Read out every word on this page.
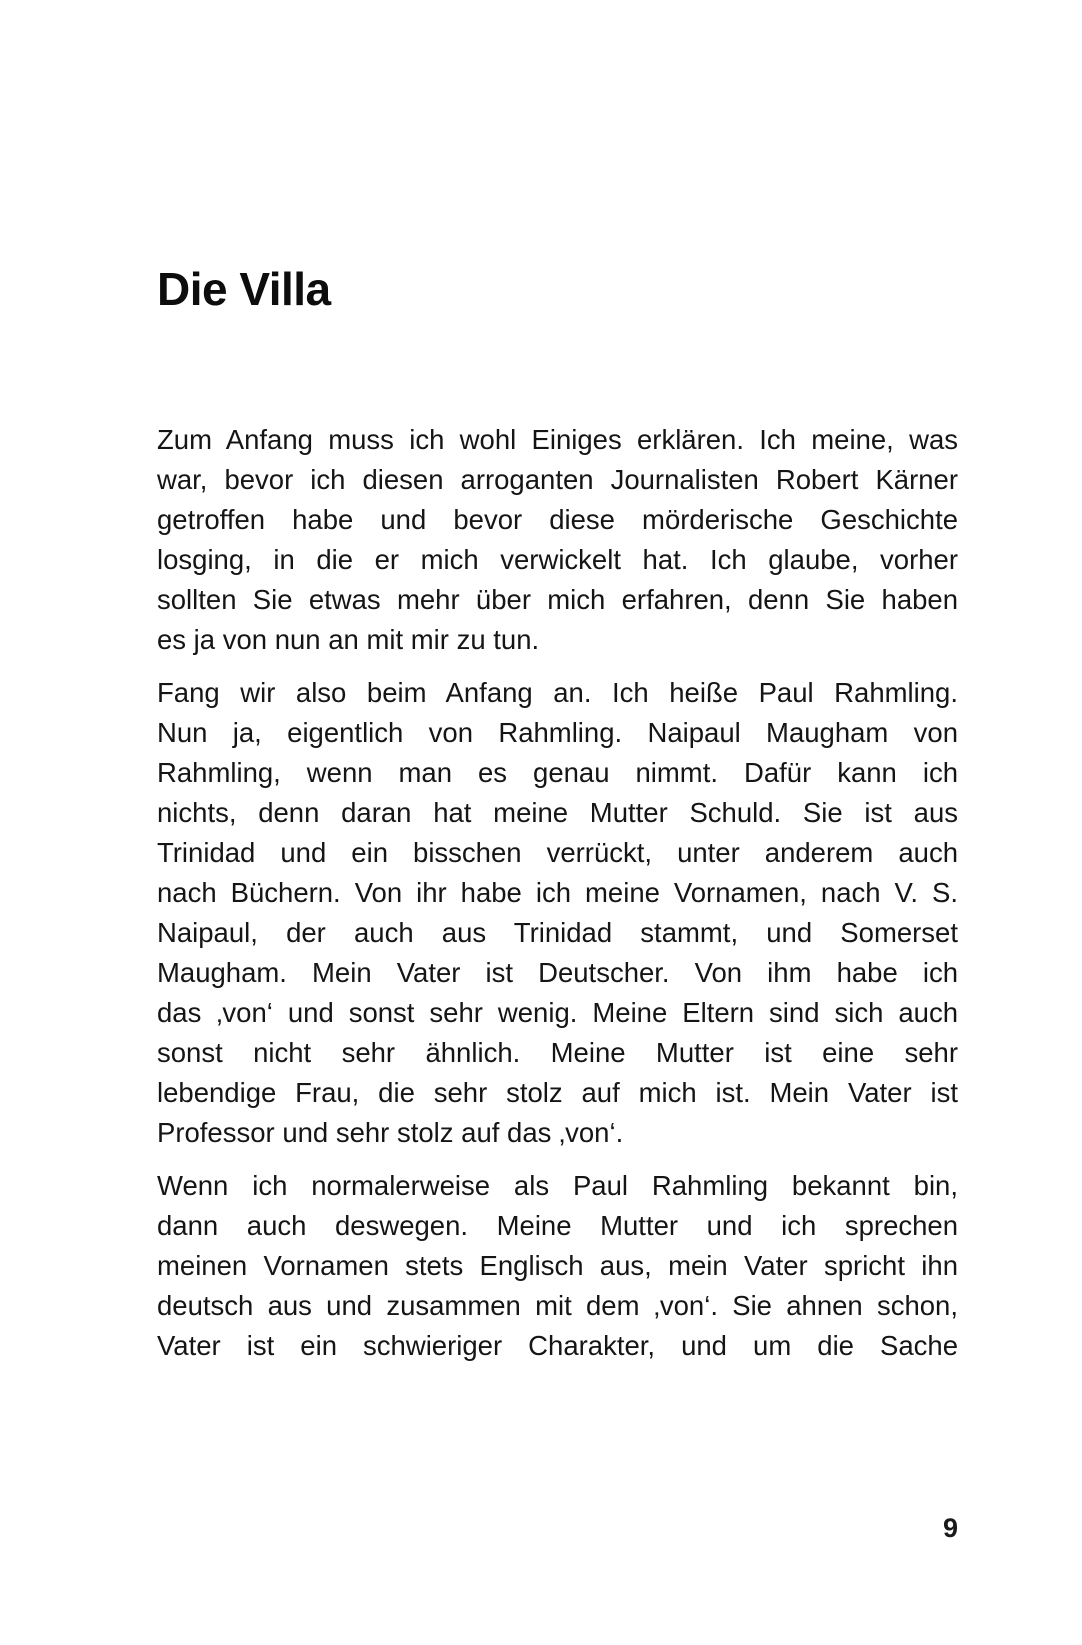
Die Villa

Zum Anfang muss ich wohl Einiges erklären. Ich meine, was
war, bevor ich diesen arroganten Journalisten Robert Kärner
getroffen habe und bevor diese mörderische Geschichte
losging, in die er mich verwickelt hat. Ich glaube, vorher
sollten Sie etwas mehr über mich erfahren, denn Sie haben
es ja von nun an mit mir zu tun.

Fang wir also beim Anfang an. Ich heiße Paul Rahmling.
Nun ja, eigentlich von Rahmling. Naipaul Maugham von
Rahmling, wenn man es genau nimmt. Dafür kann ich
nichts, denn daran hat meine Mutter Schuld. Sie ist aus
Trinidad und ein bisschen verrückt, unter anderem auch
nach Büchern. Von ihr habe ich meine Vornamen, nach V. S.
Naipaul, der auch aus Trinidad stammt, und Somerset
Maugham. Mein Vater ist Deutscher. Von ihm habe ich
das ‚von‘ und sonst sehr wenig. Meine Eltern sind sich auch
sonst nicht sehr ähnlich. Meine Mutter ist eine sehr
lebendige Frau, die sehr stolz auf mich ist. Mein Vater ist
Professor und sehr stolz auf das ‚von‘.

Wenn ich normalerweise als Paul Rahmling bekannt bin,
dann auch deswegen. Meine Mutter und ich sprechen
meinen Vornamen stets Englisch aus, mein Vater spricht ihn
deutsch aus und zusammen mit dem ‚von‘. Sie ahnen schon,
Vater ist ein schwieriger Charakter, und um die Sache

9
